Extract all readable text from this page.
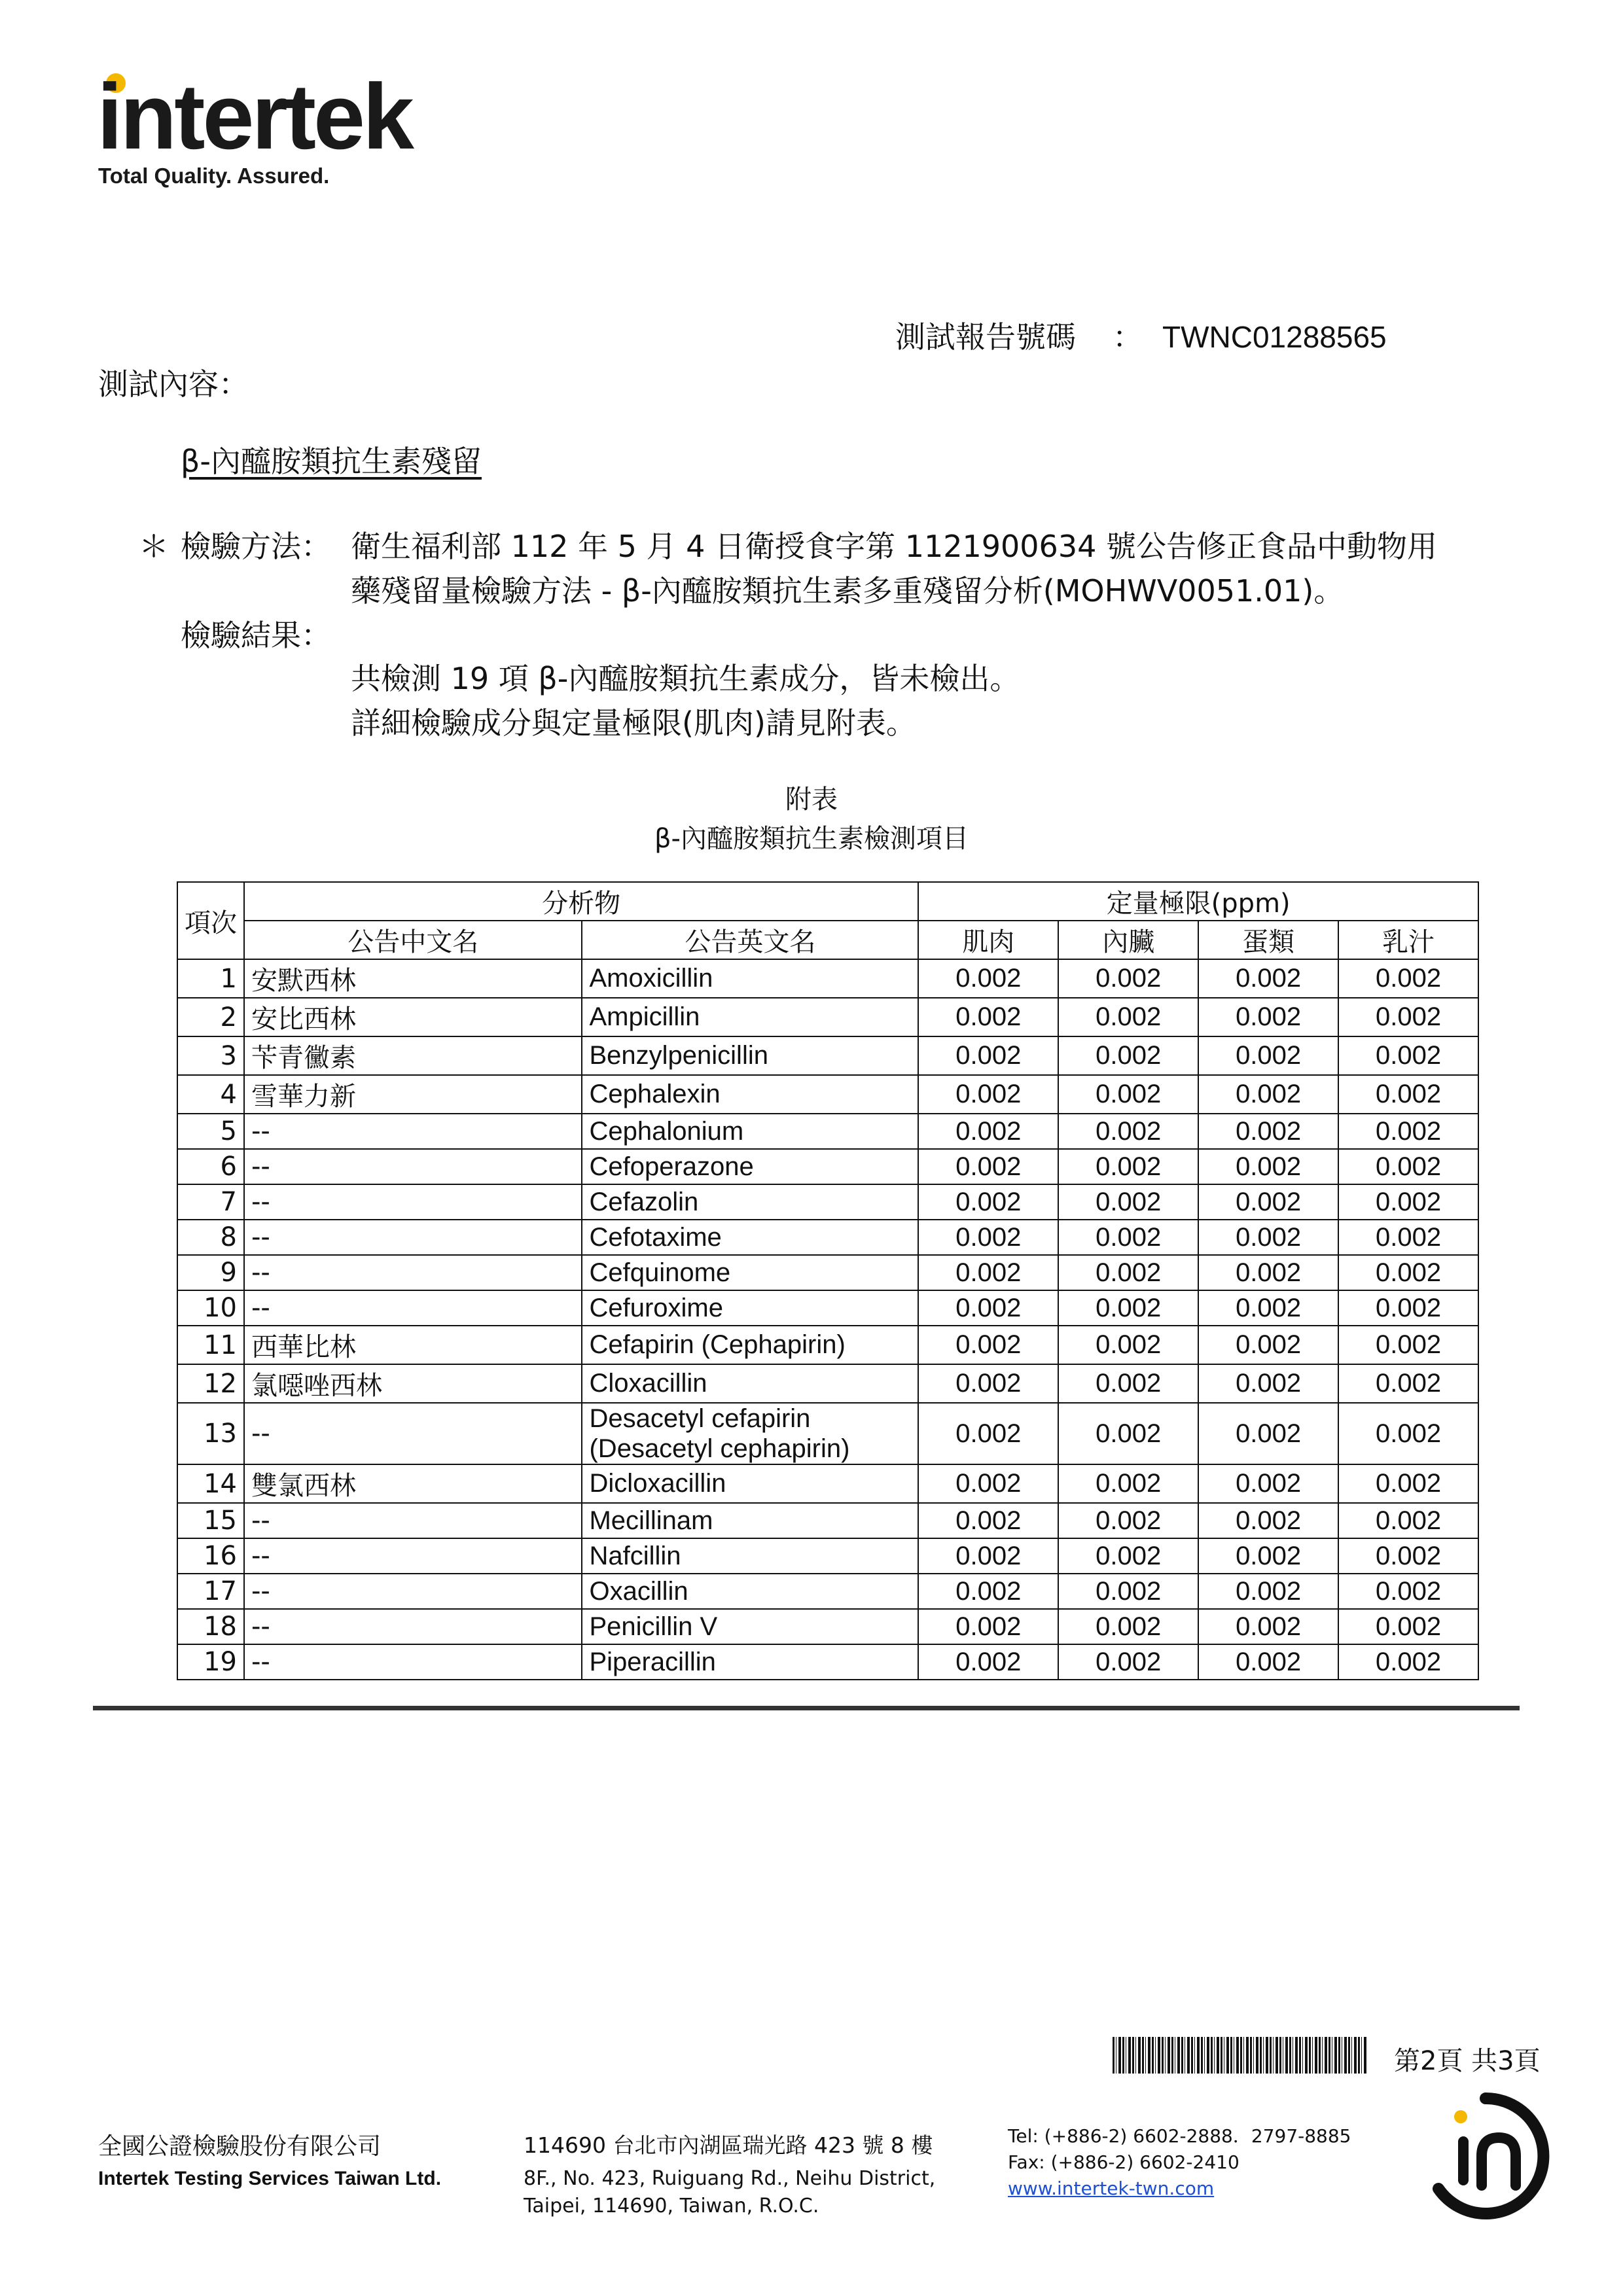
intertek
Total Quality. Assured.
測試報告號碼 ： TWNC01288565
測試內容：
β-內醯胺類抗生素殘留
＊ 檢驗方法： 衛生福利部 112 年 5 月 4 日衛授食字第 1121900634 號公告修正食品中動物用
藥殘留量檢驗方法 - β-內醯胺類抗生素多重殘留分析(MOHWV0051.01)。
檢驗結果：
共檢測 19 項 β-內醯胺類抗生素成分，皆未檢出。
詳細檢驗成分與定量極限(肌肉)請見附表。
附表
β-內醯胺類抗生素檢測項目
項次	分析物		定量極限(ppm)			
	公告中文名	公告英文名	肌肉	內臟	蛋類	乳汁
1	安默西林	Amoxicillin	0.002	0.002	0.002	0.002
2	安比西林	Ampicillin	0.002	0.002	0.002	0.002
3	苄青黴素	Benzylpenicillin	0.002	0.002	0.002	0.002
4	雪華力新	Cephalexin	0.002	0.002	0.002	0.002
5	--	Cephalonium	0.002	0.002	0.002	0.002
6	--	Cefoperazone	0.002	0.002	0.002	0.002
7	--	Cefazolin	0.002	0.002	0.002	0.002
8	--	Cefotaxime	0.002	0.002	0.002	0.002
9	--	Cefquinome	0.002	0.002	0.002	0.002
10	--	Cefuroxime	0.002	0.002	0.002	0.002
11	西華比林	Cefapirin (Cephapirin)	0.002	0.002	0.002	0.002
12	氯噁唑西林	Cloxacillin	0.002	0.002	0.002	0.002
13	--	Desacetyl cefapirin
(Desacetyl cephapirin)	0.002	0.002	0.002	0.002
14	雙氯西林	Dicloxacillin	0.002	0.002	0.002	0.002
15	--	Mecillinam	0.002	0.002	0.002	0.002
16	--	Nafcillin	0.002	0.002	0.002	0.002
17	--	Oxacillin	0.002	0.002	0.002	0.002
18	--	Penicillin V	0.002	0.002	0.002	0.002
19	--	Piperacillin	0.002	0.002	0.002	0.002
第2頁 共3頁
全國公證檢驗股份有限公司
Intertek Testing Services Taiwan Ltd.
114690 台北市內湖區瑞光路 423 號 8 樓
8F., No. 423, Ruiguang Rd., Neihu District,
Taipei, 114690, Taiwan, R.O.C.
Tel: (+886-2) 6602-2888．2797-8885
Fax: (+886-2) 6602-2410
www.intertek-twn.com
